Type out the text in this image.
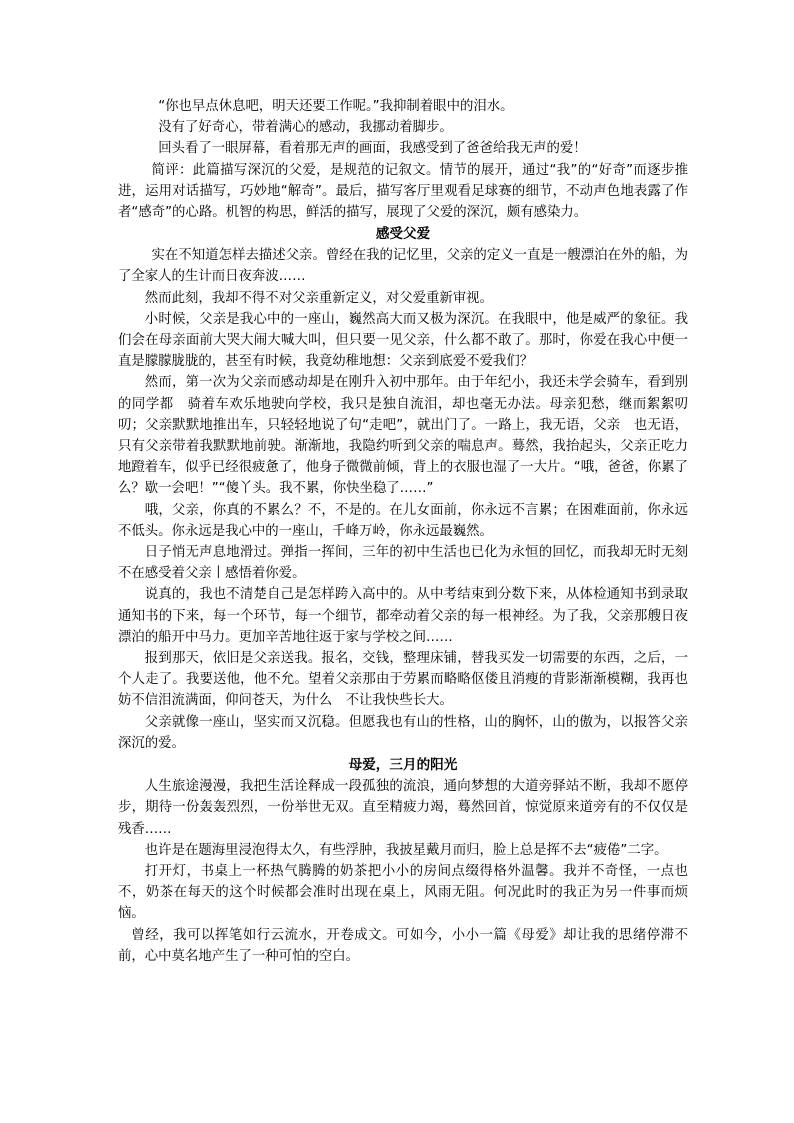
“你也早点休息吧，明天还要工作呢。”我抑制着眼中的泪水。

没有了好奇心，带着满心的感动，我挪动着脚步。

回头看了一眼屏幕，看着那无声的画面，我感受到了爸爸给我无声的爱！

简评：此篇描写深沉的父爱，是规范的记叙文。情节的展开，通过“我”的“好奇”而逐步推进，运用对话描写，巧妙地“解奇”。最后，描写客厅里观看足球赛的细节，不动声色地表露了作者“感奇”的心路。机智的构思，鲜活的描写，展现了父爱的深沉，颇有感染力。

感受父爱

实在不知道怎样去描述父亲。曾经在我的记忆里，父亲的定义一直是一艘漂泊在外的船，为了全家人的生计而日夜奔波……

然而此刻，我却不得不对父亲重新定义，对父爱重新审视。

小时候，父亲是我心中的一座山，巍然高大而又极为深沉。在我眼中，他是威严的象征。我们会在母亲面前大哭大闹大喊大叫，但只要一见父亲，什么都不敢了。那时，你爱在我心中便一直是朦朦胧胧的，甚至有时候，我竟幼稚地想：父亲到底爱不爱我们？

然而，第一次为父亲而感动却是在刚升入初中那年。由于年纪小，我还未学会骑车，看到别的同学都　骑着车欢乐地驶向学校，我只是独自流泪，却也毫无办法。母亲犯愁，继而絮絮叨叨；父亲默默地推出车，只轻轻地说了句“走吧”，就出门了。一路上，我无语，父亲　也无语，只有父亲带着我默默地前驶。渐渐地，我隐约听到父亲的喘息声。蓦然，我抬起头，父亲正吃力地蹬着车，似乎已经很疲惫了，他身子微微前倾，背上的衣服也湿了一大片。“哦，爸爸，你累了么？歇一会吧！”“傻丫头。我不累，你快坐稳了……”

哦，父亲，你真的不累么？不，不是的。在儿女面前，你永远不言累；在困难面前，你永远不低头。你永远是我心中的一座山，千峰万岭，你永远最巍然。

日子悄无声息地滑过。弹指一挥间，三年的初中生活也已化为永恒的回忆，而我却无时无刻不在感受着父亲丨感悟着你爱。

说真的，我也不清楚自己是怎样跨入高中的。从中考结束到分数下来，从体检通知书到录取通知书的下来，每一个环节，每一个细节，都牵动着父亲的每一根神经。为了我，父亲那艘日夜漂泊的船开中马力。更加辛苦地往返于家与学校之间……

报到那天，依旧是父亲送我。报名，交钱，整理床铺，替我买发一切需要的东西，之后，一个人走了。我要送他，他不允。望着父亲那由于劳累而略略伛偻且消瘦的背影渐渐模糊，我再也妨不信泪流满面，仰问苍天，为什么　不让我快些长大。

父亲就像一座山，坚实而又沉稳。但愿我也有山的性格，山的胸怀，山的傲为，以报答父亲深沉的爱。

母爱，三月的阳光

人生旅途漫漫，我把生活诠释成一段孤独的流浪，通向梦想的大道旁驿站不断，我却不愿停步，期待一份轰轰烈烈，一份举世无双。直至精疲力竭，蓦然回首，惊觉原来道旁有的不仅仅是残香……

也许是在题海里浸泡得太久，有些浮肿，我披星戴月而归，脸上总是挥不去“疲倦”二字。

打开灯，书桌上一杯热气腾腾的奶茶把小小的房间点缀得格外温馨。我并不奇怪，一点也不，奶茶在每天的这个时候都会准时出现在桌上，风雨无阻。何况此时的我正为另一件事而烦恼。

曾经，我可以挥笔如行云流水，开卷成文。可如今，小小一篇《母爱》却让我的思绪停滞不前，心中莫名地产生了一种可怕的空白。
